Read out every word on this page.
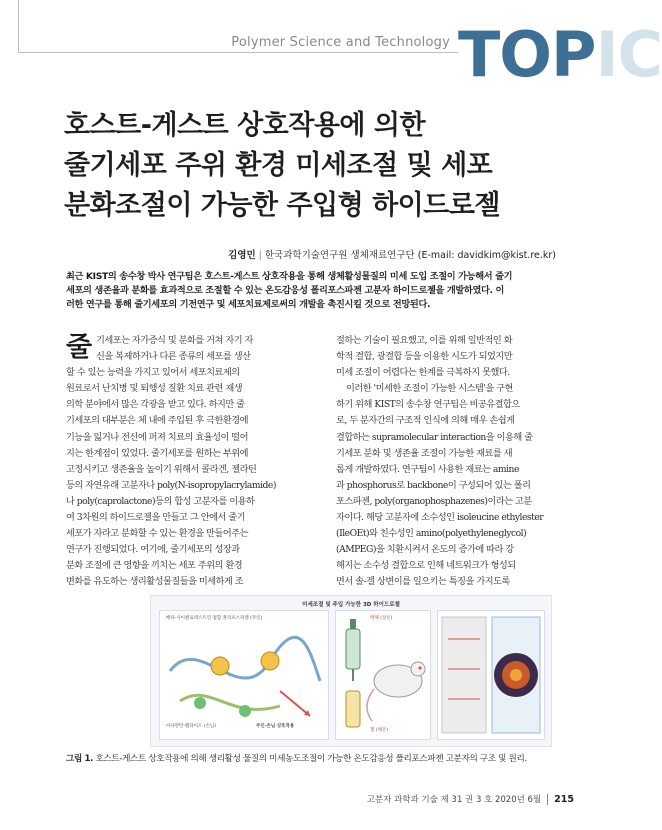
Polymer Science and Technology TOPIC
호스트-게스트 상호작용에 의한
줄기세포 주위 환경 미세조절 및 세포
분화조절이 가능한 주입형 하이드로젤
김영민 | 한국과학기술연구원 생체재료연구단 (E-mail: davidkim@kist.re.kr)
최근 KIST의 송수창 박사 연구팀은 호스트-게스트 상호작용을 통해 생체활성물질의 미세 도입 조절이 가능해서 줄기
세포의 생존율과 분화를 효과적으로 조절할 수 있는 온도감응성 폴리포스파젠 고분자 하이드로젤을 개발하였다. 이
러한 연구를 통해 줄기세포의 기전연구 및 세포치료제로써의 개발을 촉진시킬 것으로 전망된다.
줄 기세포는 자가증식 및 분화를 거쳐 자기 자
신을 복제하거나 다른 종류의 세포를 생산
할 수 있는 능력을 가지고 있어서 세포치료제의
원료로서 난치병 및 퇴행성 질환 치료 관련 재생
의학 분야에서 많은 각광을 받고 있다. 하지만 줄
기세포의 대부분은 체 내에 주입된 후 극한환경에
기능을 잃거나 전신에 퍼져 치료의 효율성이 떨어
지는 한계점이 있었다. 줄기세포를 원하는 부위에
고정시키고 생존율을 높이기 위해서 콜라겐, 젤라틴
등의 자연유래 고분자나 poly(N-isopropylacrylamide)
나 poly(caprolactone)등의 합성 고분자를 이용하
여 3차원의 하이드로젤을 만들고 그 안에서 줄기
세포가 자라고 분화할 수 있는 환경을 만들어주는
연구가 진행되었다. 여기에, 줄기세포의 성장과
분화 조절에 큰 영향을 끼치는 세포 주위의 환경
변화를 유도하는 생리활성물질들을 미세하게 조
절하는 기술이 필요했고, 이를 위해 일반적인 화
학적 결합, 광결합 등을 이용한 시도가 되었지만
미세 조절이 어렵다는 한계를 극복하지 못했다.
이러한 '미세한 조절이 가능한 시스템'을 구현
하기 위해 KIST의 송수창 연구팀은 비공유결합으
로, 두 분자간의 구조적 인식에 의해 매우 손쉽게
결합하는 supramolecular interaction을 이용해 줄
기세포 분화 및 생존율 조절이 가능한 재료를 새
롭게 개발하였다. 연구팀이 사용한 재료는 amine
과 phosphorus로 backbone이 구성되어 있는 폴리
포스파젠, poly(organophosphazenes)이라는 고분
자이다. 해당 고분자에 소수성인 isoleucine ethylester
(IleOEt)와 친수성인 amino(polyethyleneglycol)
(AMPEG)을 치환시켜서 온도의 증가에 따라 강
해지는 소수성 결합으로 인해 네트워크가 형성되
면서 솔-겔 상변이를 일으키는 특징을 가지도록
미세조절 및 주입 가능한 3D 하이드로젤
베타-사이클로덱스트린 접합 폴리포스파젠 (주인)
아다만탄-펩타이드 (손님)	주인-손님 상호작용
액체 (상온)
젤 (체온)
그림 1. 호스트-게스트 상호작용에 의해 생리활성 물질의 미세농도조절이 가능한 온도감응성 폴리포스파젠 고분자의 구조 및 원리.
고분자 과학과 기술 제 31 권 3 호 2020년 6월 215
